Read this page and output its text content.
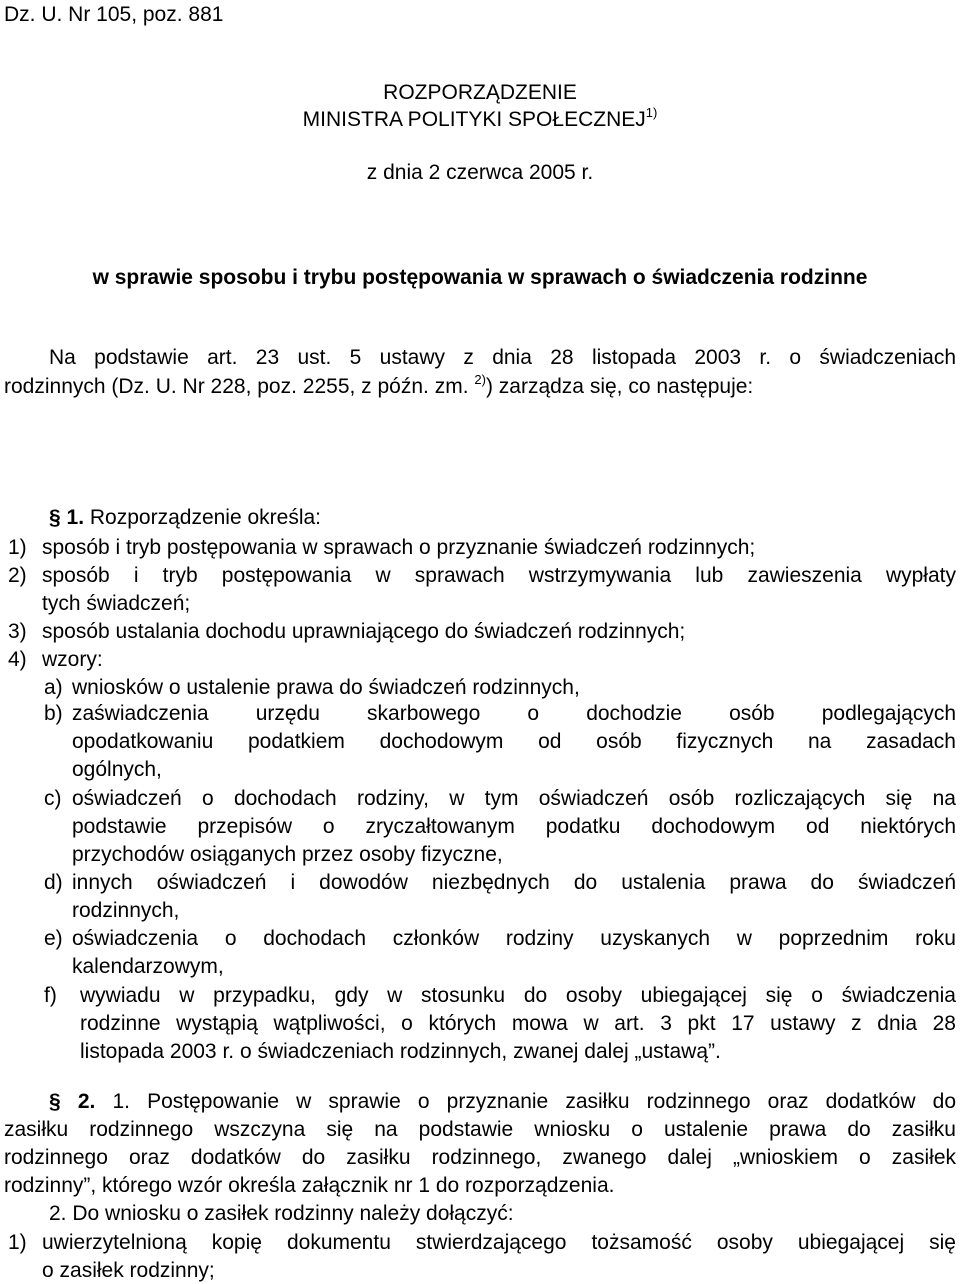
Dz. U. Nr 105, poz. 881
ROZPORZĄDZENIE
MINISTRA POLITYKI SPOŁECZNEJ$^{1)}$
z dnia 2 czerwca 2005 r.
w sprawie sposobu i trybu postępowania w sprawach o świadczenia rodzinne
Na podstawie art. 23 ust. 5 ustawy z dnia 28 listopada 2003 r. o świadczeniach
rodzinnych (Dz. U. Nr 228, poz. 2255, z późn. zm. $^{2)}$) zarządza się, co następuje:
§ 1. Rozporządzenie określa:
1) sposób i tryb postępowania w sprawach o przyznanie świadczeń rodzinnych;
2) sposób i tryb postępowania w sprawach wstrzymywania lub zawieszenia wypłaty
tych świadczeń;
3) sposób ustalania dochodu uprawniającego do świadczeń rodzinnych;
4) wzory:
a) wniosków o ustalenie prawa do świadczeń rodzinnych,
b) zaświadczenia urzędu skarbowego o dochodzie osób podlegających
opodatkowaniu podatkiem dochodowym od osób fizycznych na zasadach
ogólnych,
c) oświadczeń o dochodach rodziny, w tym oświadczeń osób rozliczających się na
podstawie przepisów o zryczałtowanym podatku dochodowym od niektórych
przychodów osiąganych przez osoby fizyczne,
d) innych oświadczeń i dowodów niezbędnych do ustalenia prawa do świadczeń
rodzinnych,
e) oświadczenia o dochodach członków rodziny uzyskanych w poprzednim roku
kalendarzowym,
f) wywiadu w przypadku, gdy w stosunku do osoby ubiegającej się o świadczenia
rodzinne wystąpią wątpliwości, o których mowa w art. 3 pkt 17 ustawy z dnia 28
listopada 2003 r. o świadczeniach rodzinnych, zwanej dalej „ustawą”.
§ 2. 1. Postępowanie w sprawie o przyznanie zasiłku rodzinnego oraz dodatków do
zasiłku rodzinnego wszczyna się na podstawie wniosku o ustalenie prawa do zasiłku
rodzinnego oraz dodatków do zasiłku rodzinnego, zwanego dalej „wnioskiem o zasiłek
rodzinny”, którego wzór określa załącznik nr 1 do rozporządzenia.
2. Do wniosku o zasiłek rodzinny należy dołączyć:
1) uwierzytelnioną kopię dokumentu stwierdzającego tożsamość osoby ubiegającej się
o zasiłek rodzinny;
